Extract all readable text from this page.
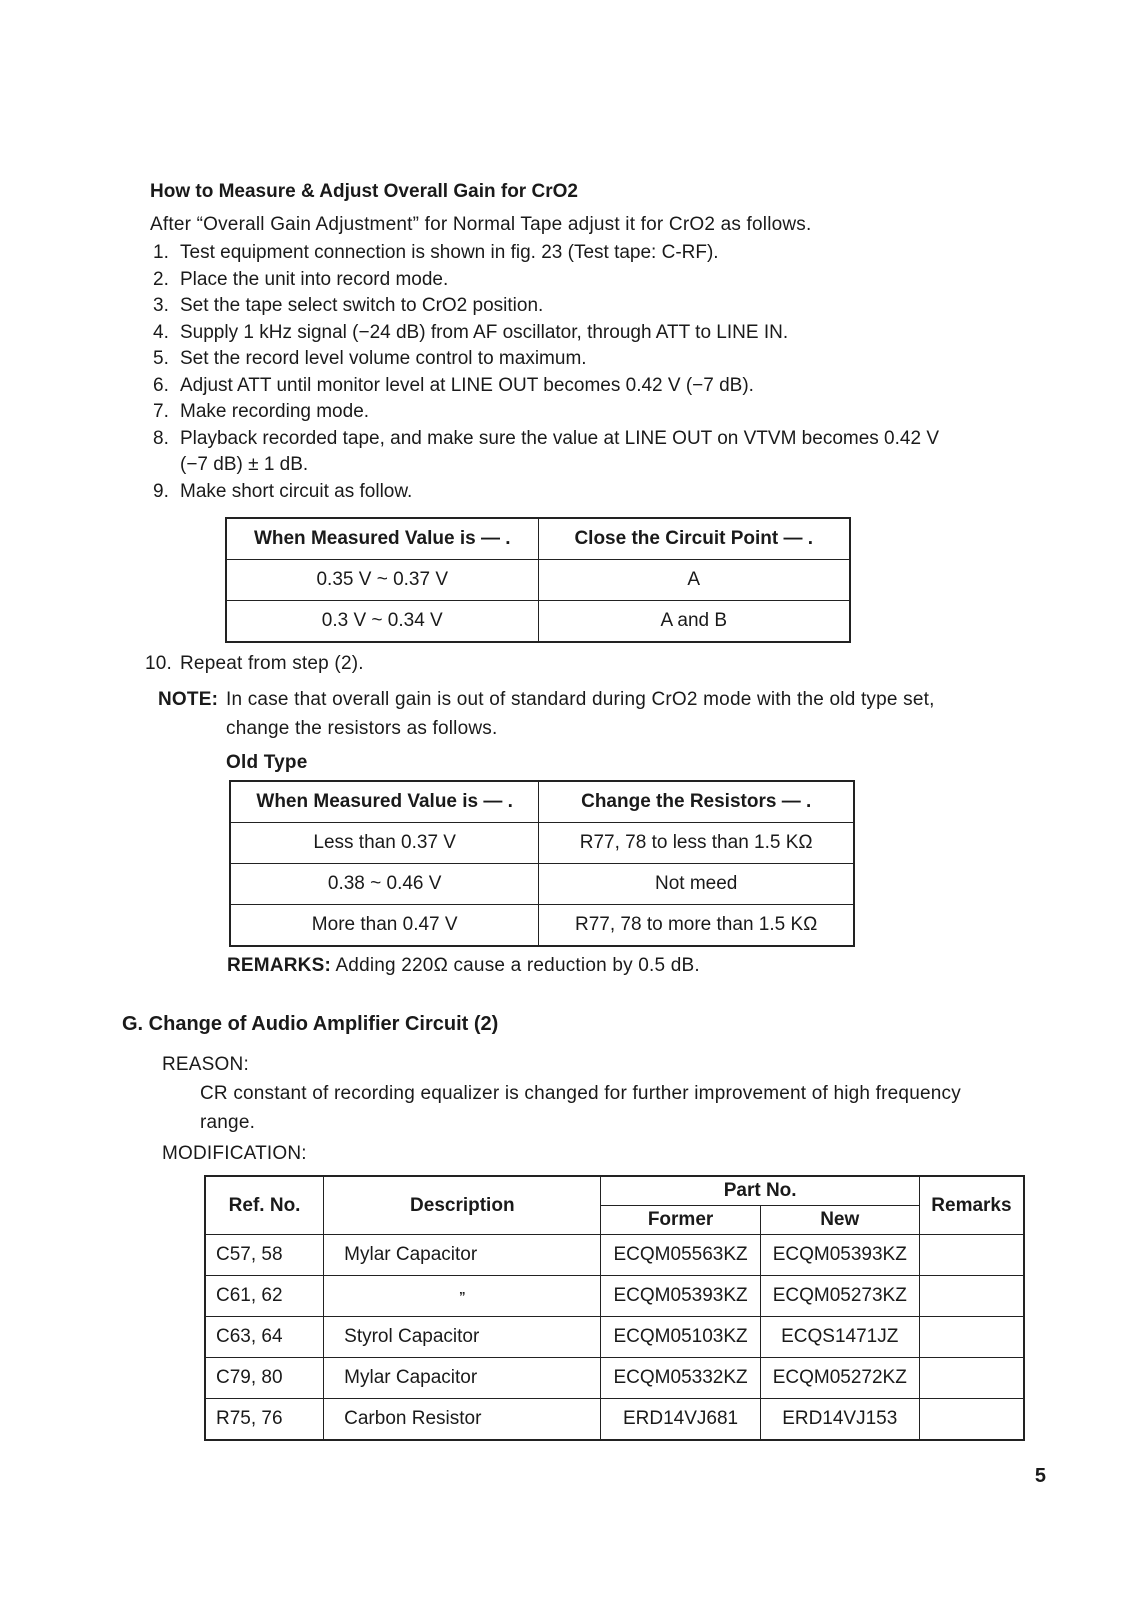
How to Measure & Adjust Overall Gain for CrO2
After “Overall Gain Adjustment” for Normal Tape adjust it for CrO2 as follows.
1. Test equipment connection is shown in fig. 23 (Test tape: C-RF).
2. Place the unit into record mode.
3. Set the tape select switch to CrO2 position.
4. Supply 1 kHz signal (−24 dB) from AF oscillator, through ATT to LINE IN.
5. Set the record level volume control to maximum.
6. Adjust ATT until monitor level at LINE OUT becomes 0.42 V (−7 dB).
7. Make recording mode.
8. Playback recorded tape, and make sure the value at LINE OUT on VTVM becomes 0.42 V
(−7 dB) ± 1 dB.
9. Make short circuit as follow.
When Measured Value is — .	Close the Circuit Point — .
0.35 V ~ 0.37 V	A
0.3 V ~ 0.34 V	A and B
10. Repeat from step (2).
NOTE: In case that overall gain is out of standard during CrO2 mode with the old type set,
change the resistors as follows.
Old Type
When Measured Value is — .	Change the Resistors — .
Less than 0.37 V	R77, 78 to less than 1.5 KΩ
0.38 ~ 0.46 V	Not meed
More than 0.47 V	R77, 78 to more than 1.5 KΩ
REMARKS: Adding 220Ω cause a reduction by 0.5 dB.
G. Change of Audio Amplifier Circuit (2)
REASON:
CR constant of recording equalizer is changed for further improvement of high frequency
range.
MODIFICATION:
Ref. No.	Description	Part No.		Remarks
		Former	New	
C57, 58	Mylar Capacitor	ECQM05563KZ	ECQM05393KZ	
C61, 62	”	ECQM05393KZ	ECQM05273KZ	
C63, 64	Styrol Capacitor	ECQM05103KZ	ECQS1471JZ	
C79, 80	Mylar Capacitor	ECQM05332KZ	ECQM05272KZ	
R75, 76	Carbon Resistor	ERD14VJ681	ERD14VJ153	
5
